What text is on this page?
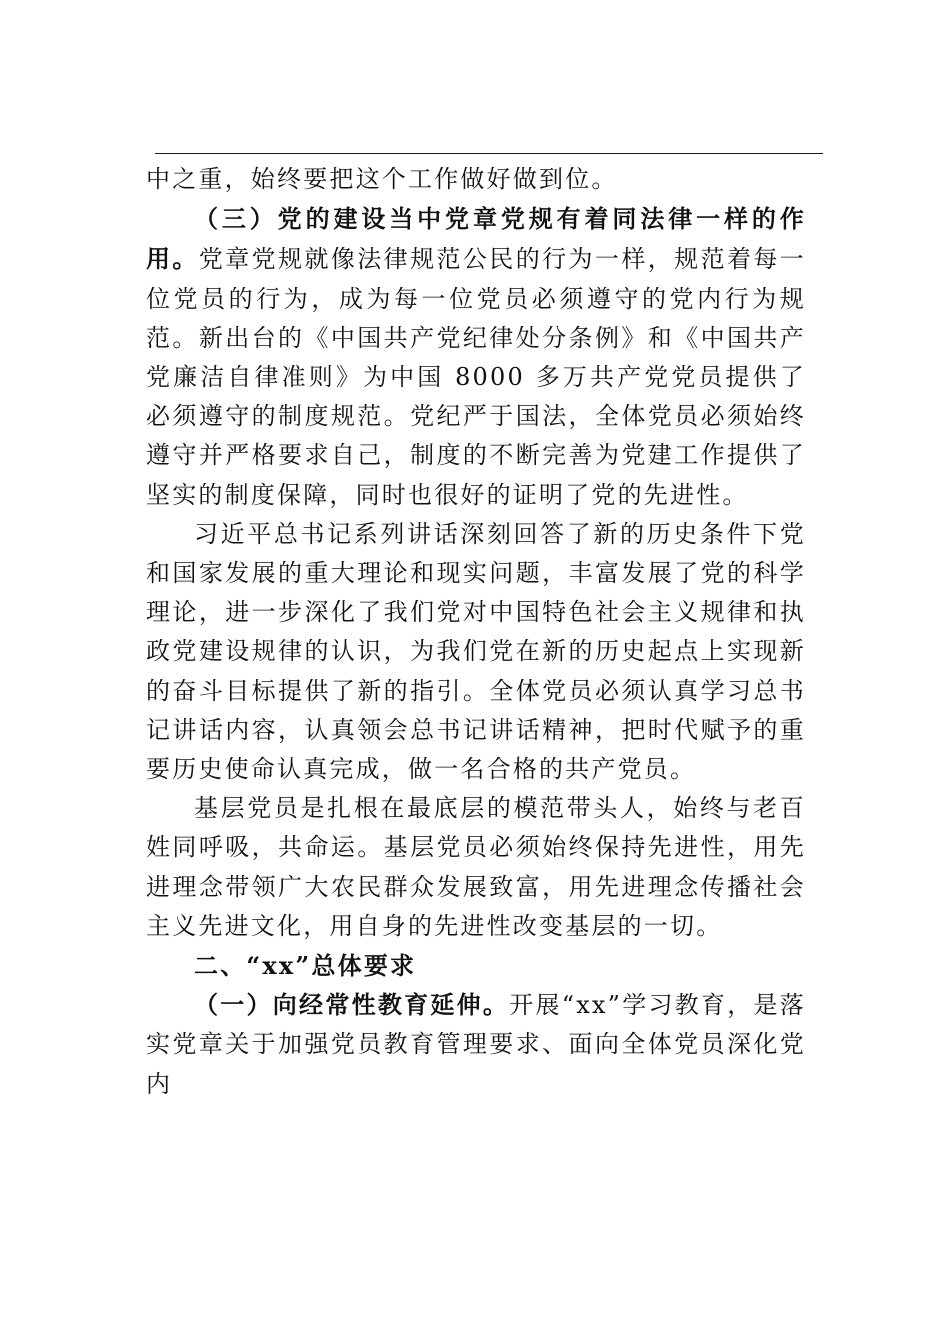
中之重，始终要把这个工作做好做到位。

（三）党的建设当中党章党规有着同法律一样的作用。党章党规就像法律规范公民的行为一样，规范着每一位党员的行为，成为每一位党员必须遵守的党内行为规范。新出台的《中国共产党纪律处分条例》和《中国共产党廉洁自律准则》为中国 8000 多万共产党党员提供了必须遵守的制度规范。党纪严于国法，全体党员必须始终遵守并严格要求自己，制度的不断完善为党建工作提供了坚实的制度保障，同时也很好的证明了党的先进性。

习近平总书记系列讲话深刻回答了新的历史条件下党和国家发展的重大理论和现实问题，丰富发展了党的科学理论，进一步深化了我们党对中国特色社会主义规律和执政党建设规律的认识，为我们党在新的历史起点上实现新的奋斗目标提供了新的指引。全体党员必须认真学习总书记讲话内容，认真领会总书记讲话精神，把时代赋予的重要历史使命认真完成，做一名合格的共产党员。

基层党员是扎根在最底层的模范带头人，始终与老百姓同呼吸，共命运。基层党员必须始终保持先进性，用先进理念带领广大农民群众发展致富，用先进理念传播社会主义先进文化，用自身的先进性改变基层的一切。

二、“xx”总体要求

（一）向经常性教育延伸。开展“xx”学习教育，是落实党章关于加强党员教育管理要求、面向全体党员深化党内
